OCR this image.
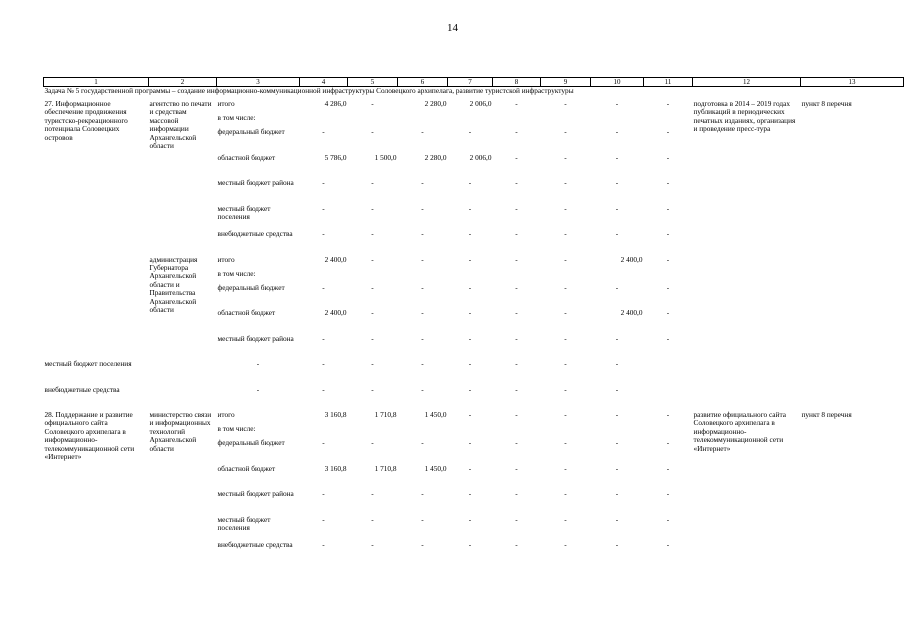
14
1	2	3	4	5	6	7	8	9	10	11	12	13
Задача № 5 государственной программы – создание информационно-коммуникационной инфраструктуры Соловецкого архипелага, развитие туристской инфраструктуры												
27. Информационное обеспечение продвижения туристско-рекреационного потенциала Соловецких островов	агентство по печати и средствам массовой информации Архангельской области	итого	4 286,0	-	2 280,0	2 006,0	-	-	-	-	подготовка в 2014 – 2019 годах публикаций в периодических печатных изданиях, организация и проведение пресс-тура	пункт 8 перечня
		в том числе:										
		федеральный бюджет	-	-	-	-	-	-	-	-		
		областной бюджет	5 786,0	1 500,0	2 280,0	2 006,0	-	-	-	-		
		местный бюджет района	-	-	-	-	-	-	-	-		
		местный бюджет поселения	-	-	-	-	-	-	-	-		
		внебюджетные средства	-	-	-	-	-	-	-	-		
	администрация Губернатора Архангельской области и Правительства Архангельской области	итого	2 400,0	-	-	-	-	-	2 400,0	-		
		в том числе:										
		федеральный бюджет	-	-	-	-	-	-	-	-		
		областной бюджет	2 400,0	-	-	-	-	-	2 400,0	-		
		местный бюджет района	-	-	-	-	-	-	-	-		
местный бюджет поселения		-	-	-	-	-	-	-	-			
внебюджетные средства		-	-	-	-	-	-	-	-			
28. Поддержание и развитие официального сайта Соловецкого архипелага в информационно-телекоммуникационной сети «Интернет»	министерство связи и информационных технологий Архангельской области	итого	3 160,8	1 710,8	1 450,0	-	-	-	-	-	развитие официального сайта Соловецкого архипелага в информационно-телекоммуникационной сети «Интернет»	пункт 8 перечня
		в том числе:										
		федеральный бюджет	-	-	-	-	-	-	-	-		
		областной бюджет	3 160,8	1 710,8	1 450,0	-	-	-	-	-		
		местный бюджет района	-	-	-	-	-	-	-	-		
		местный бюджет поселения	-	-	-	-	-	-	-	-		
		внебюджетные средства	-	-	-	-	-	-	-	-		
